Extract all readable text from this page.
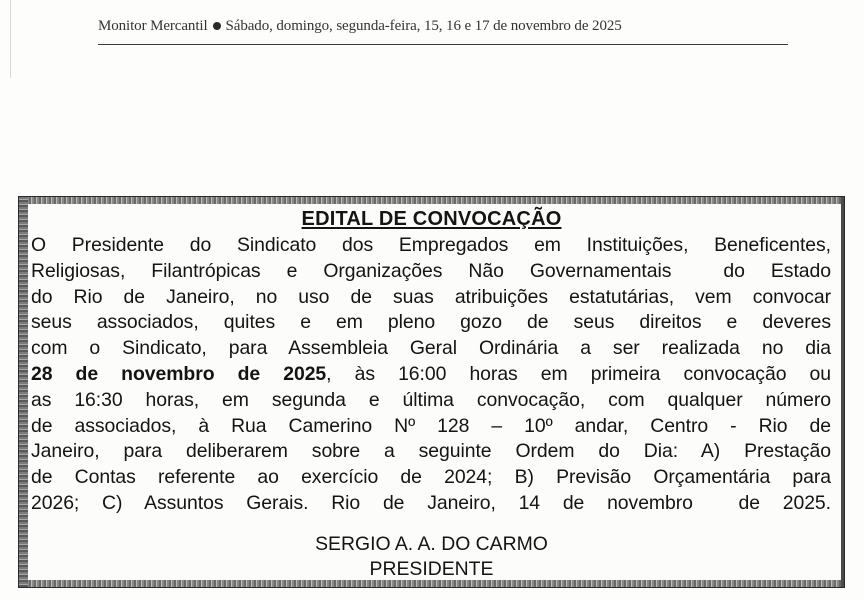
Monitor Mercantil Sábado, domingo, segunda-feira, 15, 16 e 17 de novembro de 2025
EDITAL DE CONVOCAÇÃO
O Presidente do Sindicato dos Empregados em Instituições, Beneficentes,
Religiosas, Filantrópicas e Organizações Não Governamentais  do Estado
do Rio de Janeiro, no uso de suas atribuições estatutárias, vem convocar
seus associados, quites e em pleno gozo de seus direitos e deveres
com o Sindicato, para Assembleia Geral Ordinária a ser realizada no dia
28 de novembro de 2025, às 16:00 horas em primeira convocação ou
as 16:30 horas, em segunda e última convocação, com qualquer número
de associados, à Rua Camerino Nº 128 – 10º andar, Centro - Rio de
Janeiro, para deliberarem sobre a seguinte Ordem do Dia: A) Prestação
de Contas referente ao exercício de 2024; B) Previsão Orçamentária para
2026; C) Assuntos Gerais. Rio de Janeiro, 14 de novembro  de 2025.
SERGIO A. A. DO CARMO
PRESIDENTE
